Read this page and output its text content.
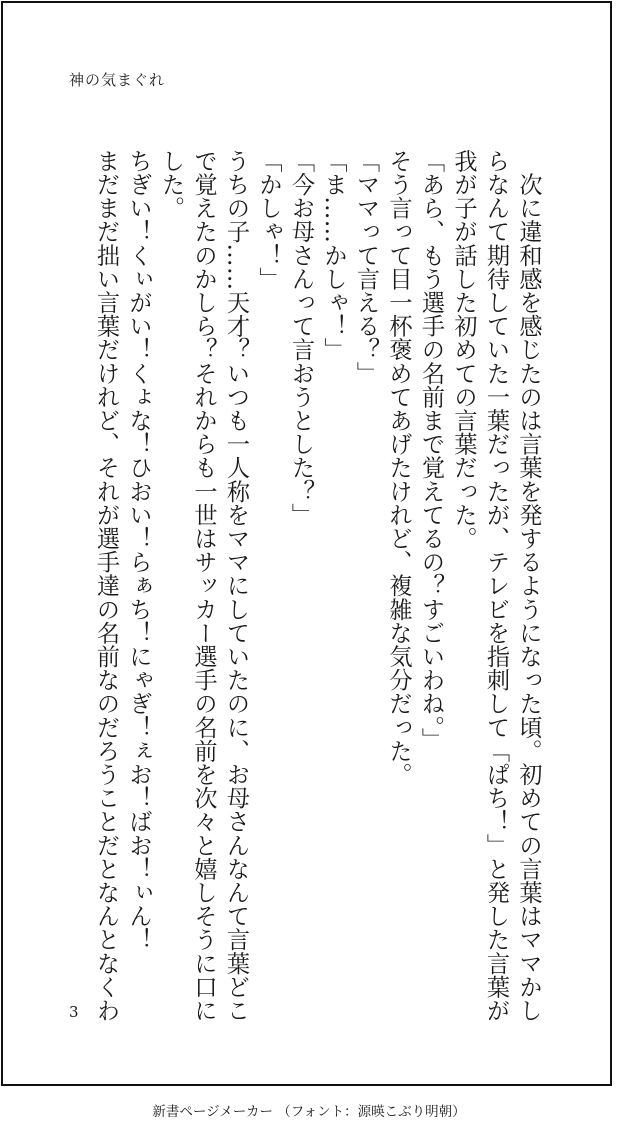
神の気まぐれ

　次に違和感を感じたのは言葉を発するようになった頃。初めての言葉はママかし

らなんて期待していた一葉だったが、テレビを指刺して「ぱち！」と発した言葉が

我が子が話した初めての言葉だった。

「あら、もう選手の名前まで覚えてるの？すごいわね。」

そう言って目一杯褒めてあげたけれど、複雑な気分だった。

「ママって言える？」

「ま……かしゃ！」

「今お母さんって言おうとした？」

「かしゃ！」

うちの子……天才？いつも一人称をママにしていたのに、お母さんなんて言葉どこ

で覚えたのかしら？それからも一世はサッカー選手の名前を次々と嬉しそうに口に

した。

ちぎい！くぃがい！くょな！ひおい！らぁち！にゃぎ！ぇお！ばお！ぃん！

まだまだ拙い言葉だけれど、それが選手達の名前なのだろうことだとなんとなくわ

3
新書ページメーカー （フォント：源暎こぶり明朝）
